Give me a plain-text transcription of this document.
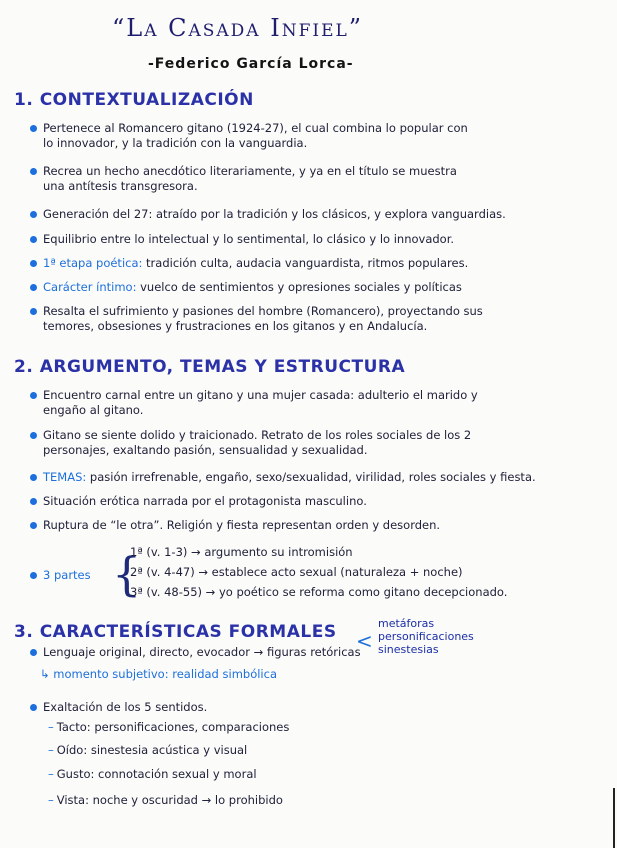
“La Casada Infiel”
-Federico García Lorca-
1. CONTEXTUALIZACIÓN
Pertenece al Romancero gitano (1924-27), el cual combina lo popular con
lo innovador, y la tradición con la vanguardia.
Recrea un hecho anecdótico literariamente, y ya en el título se muestra
una antítesis transgresora.
Generación del 27: atraído por la tradición y los clásicos, y explora vanguardias.
Equilibrio entre lo intelectual y lo sentimental, lo clásico y lo innovador.
1ª etapa poética: tradición culta, audacia vanguardista, ritmos populares.
Carácter íntimo: vuelco de sentimientos y opresiones sociales y políticas
Resalta el sufrimiento y pasiones del hombre (Romancero), proyectando sus
temores, obsesiones y frustraciones en los gitanos y en Andalucía.
2. ARGUMENTO, TEMAS Y ESTRUCTURA
Encuentro carnal entre un gitano y una mujer casada: adulterio el marido y
engaño al gitano.
Gitano se siente dolido y traicionado. Retrato de los roles sociales de los 2
personajes, exaltando pasión, sensualidad y sexualidad.
TEMAS: pasión irrefrenable, engaño, sexo/sexualidad, virilidad, roles sociales y fiesta.
Situación erótica narrada por el protagonista masculino.
Ruptura de “le otra”. Religión y fiesta representan orden y desorden.
3 partes {
1ª (v. 1-3) → argumento su intromisión
2ª (v. 4-47) → establece acto sexual (naturaleza + noche)
3ª (v. 48-55) → yo poético se reforma como gitano decepcionado.
3. CARACTERÍSTICAS FORMALES
Lenguaje original, directo, evocador → figuras retóricas
<
metáforas
personificaciones
sinestesias
↳ momento subjetivo: realidad simbólica
Exaltación de los 5 sentidos.
– Tacto: personificaciones, comparaciones
– Oído: sinestesia acústica y visual
– Gusto: connotación sexual y moral
– Vista: noche y oscuridad → lo prohibido
